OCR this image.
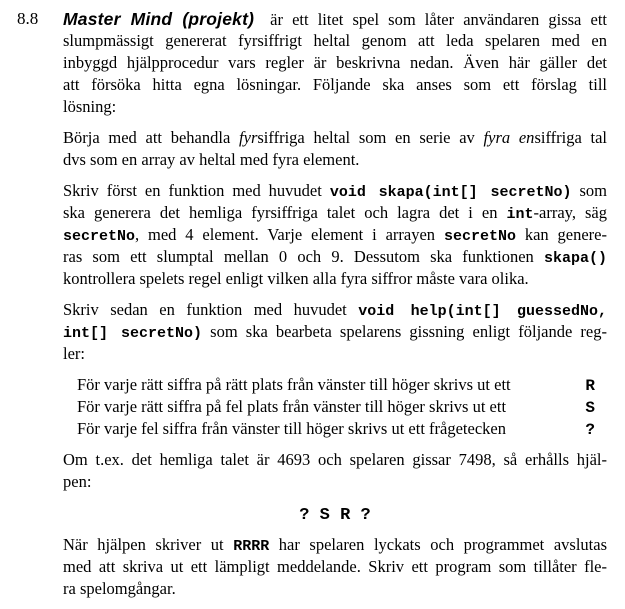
8.8 Master Mind (projekt) är ett litet spel som låter användaren gissa ett
slumpmässigt genererat fyrsiffrigt heltal genom att leda spelaren med en
inbyggd hjälpprocedur vars regler är beskrivna nedan. Även här gäller det
att försöka hitta egna lösningar. Följande ska anses som ett förslag till
lösning:
Börja med att behandla fyrsiffriga heltal som en serie av fyra ensiffriga tal
dvs som en array av heltal med fyra element.
Skriv först en funktion med huvudet void skapa(int[] secretNo) som
ska generera det hemliga fyrsiffriga talet och lagra det i en int-array, säg
secretNo, med 4 element. Varje element i arrayen secretNo kan genere-
ras som ett slumptal mellan 0 och 9. Dessutom ska funktionen skapa()
kontrollera spelets regel enligt vilken alla fyra siffror måste vara olika.
Skriv sedan en funktion med huvudet void help(int[] guessedNo,
int[] secretNo) som ska bearbeta spelarens gissning enligt följande reg-
ler:
För varje rätt siffra på rätt plats från vänster till höger skrivs ut ett	R
För varje rätt siffra på fel plats från vänster till höger skrivs ut ett	S
För varje fel siffra från vänster till höger skrivs ut ett frågetecken	?
Om t.ex. det hemliga talet är 4693 och spelaren gissar 7498, så erhålls hjäl-
pen:
? S R ?
När hjälpen skriver ut RRRR har spelaren lyckats och programmet avslutas
med att skriva ut ett lämpligt meddelande. Skriv ett program som tillåter fle-
ra spelomgångar.
